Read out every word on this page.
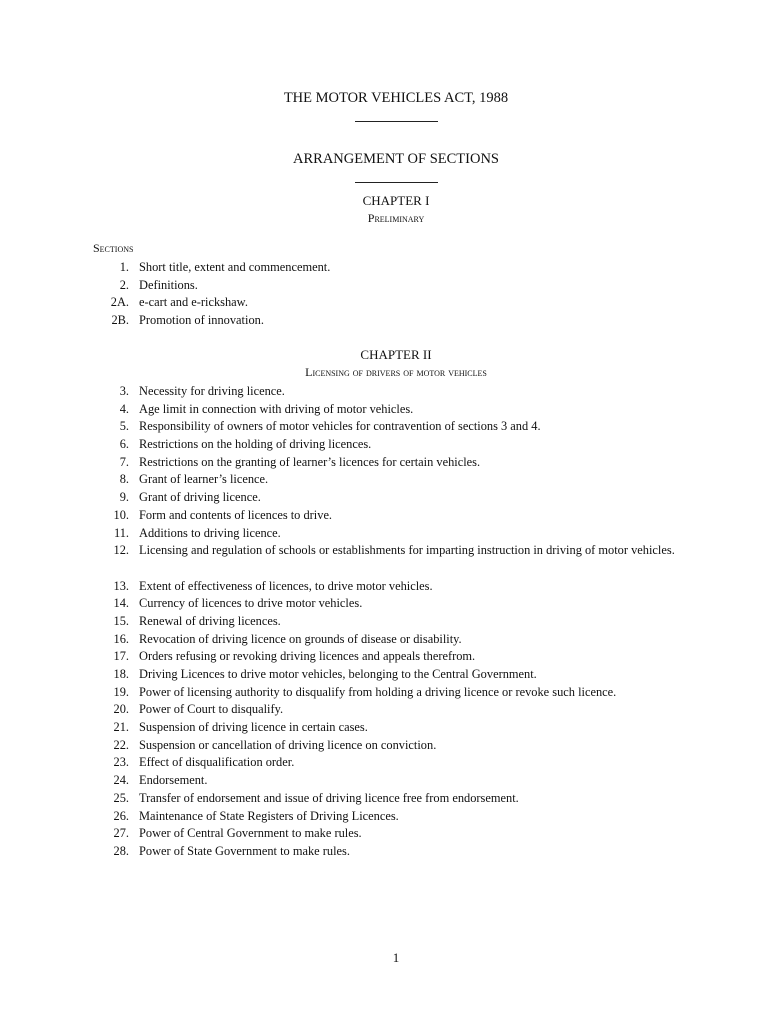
THE MOTOR VEHICLES ACT, 1988
ARRANGEMENT OF SECTIONS
CHAPTER I
Preliminary
Sections
1. Short title, extent and commencement.
2. Definitions.
2A. e-cart and e-rickshaw.
2B. Promotion of innovation.
CHAPTER II
Licensing of drivers of motor vehicles
3. Necessity for driving licence.
4. Age limit in connection with driving of motor vehicles.
5. Responsibility of owners of motor vehicles for contravention of sections 3 and 4.
6. Restrictions on the holding of driving licences.
7. Restrictions on the granting of learner’s licences for certain vehicles.
8. Grant of learner’s licence.
9. Grant of driving licence.
10. Form and contents of licences to drive.
11. Additions to driving licence.
12. Licensing and regulation of schools or establishments for imparting instruction in driving of motor vehicles.
13. Extent of effectiveness of licences, to drive motor vehicles.
14. Currency of licences to drive motor vehicles.
15. Renewal of driving licences.
16. Revocation of driving licence on grounds of disease or disability.
17. Orders refusing or revoking driving licences and appeals therefrom.
18. Driving Licences to drive motor vehicles, belonging to the Central Government.
19. Power of licensing authority to disqualify from holding a driving licence or revoke such licence.
20. Power of Court to disqualify.
21. Suspension of driving licence in certain cases.
22. Suspension or cancellation of driving licence on conviction.
23. Effect of disqualification order.
24. Endorsement.
25. Transfer of endorsement and issue of driving licence free from endorsement.
26. Maintenance of State Registers of Driving Licences.
27. Power of Central Government to make rules.
28. Power of State Government to make rules.
1
